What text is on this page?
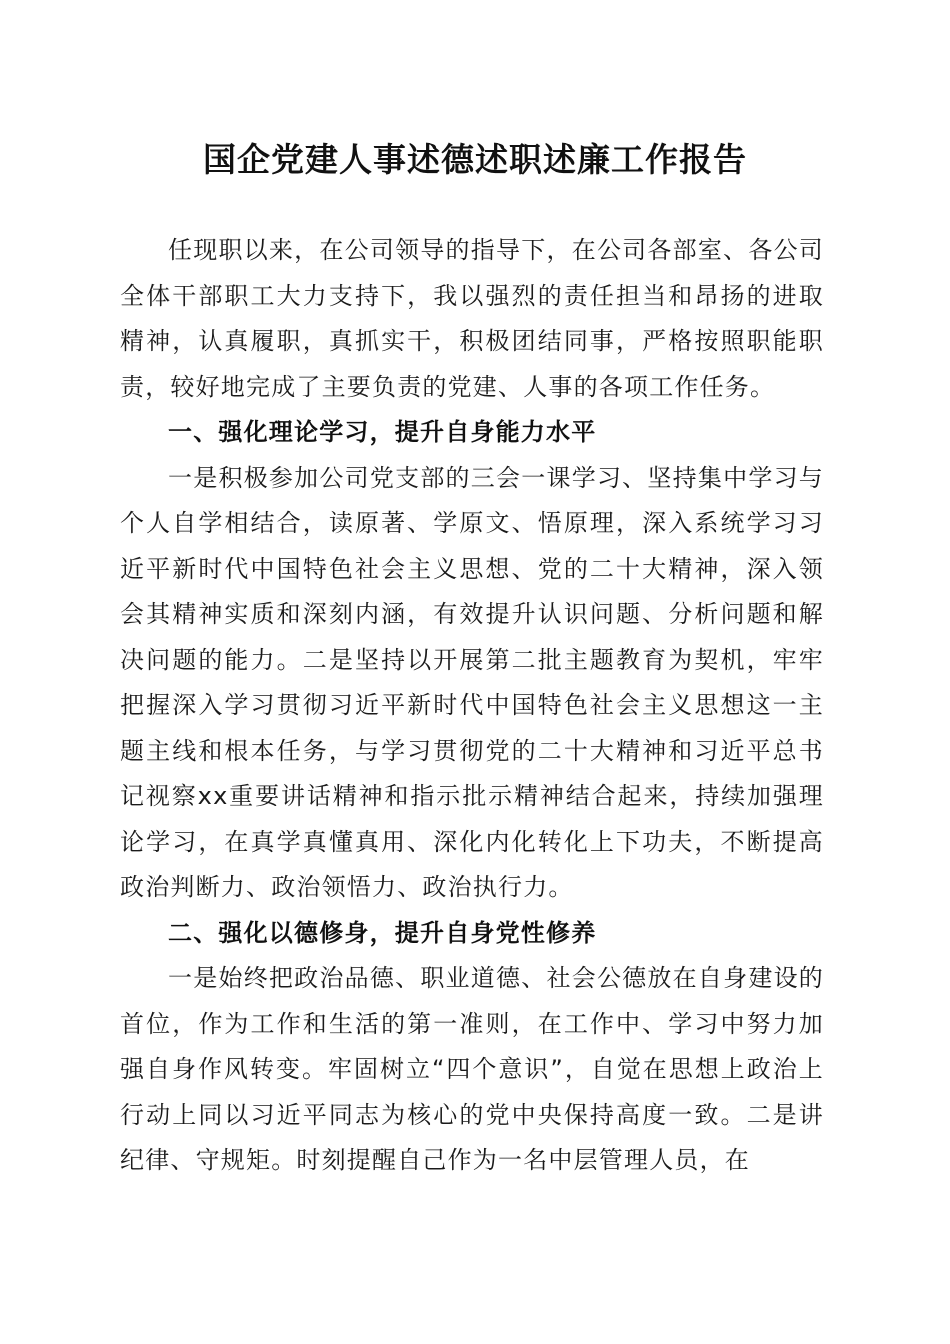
国企党建人事述德述职述廉工作报告

任现职以来，在公司领导的指导下，在公司各部室、各公司全体干部职工大力支持下，我以强烈的责任担当和昂扬的进取精神，认真履职，真抓实干，积极团结同事，严格按照职能职责，较好地完成了主要负责的党建、人事的各项工作任务。

一、强化理论学习，提升自身能力水平

一是积极参加公司党支部的三会一课学习、坚持集中学习与个人自学相结合，读原著、学原文、悟原理，深入系统学习习近平新时代中国特色社会主义思想、党的二十大精神，深入领会其精神实质和深刻内涵，有效提升认识问题、分析问题和解决问题的能力。二是坚持以开展第二批主题教育为契机，牢牢把握深入学习贯彻习近平新时代中国特色社会主义思想这一主题主线和根本任务，与学习贯彻党的二十大精神和习近平总书记视察xx重要讲话精神和指示批示精神结合起来，持续加强理论学习，在真学真懂真用、深化内化转化上下功夫，不断提高政治判断力、政治领悟力、政治执行力。

二、强化以德修身，提升自身党性修养

一是始终把政治品德、职业道德、社会公德放在自身建设的首位，作为工作和生活的第一准则，在工作中、学习中努力加强自身作风转变。牢固树立“四个意识”，自觉在思想上政治上行动上同以习近平同志为核心的党中央保持高度一致。二是讲纪律、守规矩。时刻提醒自己作为一名中层管理人员，在
